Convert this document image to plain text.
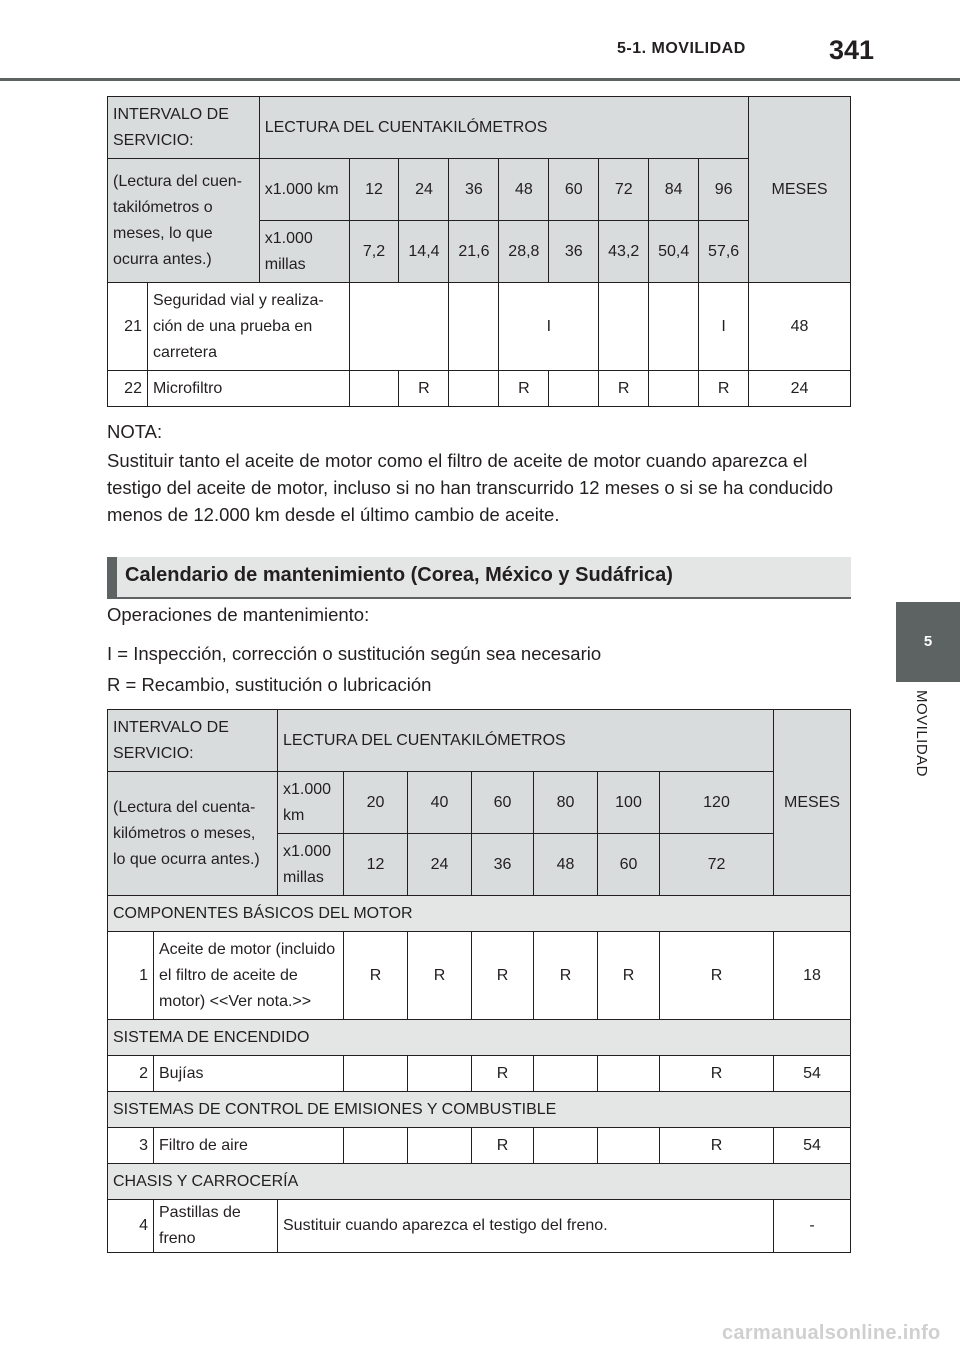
5-1. MOVILIDAD	341
5
MOVILIDAD
INTERVALO DE SERVICIO:		LECTURA DEL CUENTAKILÓMETROS									MESES
(Lectura del cuen-takilómetros o meses, lo que ocurra antes.)		x1.000 km	12	24	36	48	60	72	84	96	
		x1.000 millas	7,2	14,4	21,6	28,8	36	43,2	50,4	57,6	
21	Seguridad vial y realiza-ción de una prueba en carretera					I				I	48
22	Microfiltro			R		R		R		R	24
NOTA:
Sustituir tanto el aceite de motor como el filtro de aceite de motor cuando aparezca el testigo del aceite de motor, incluso si no han transcurrido 12 meses o si se ha conducido menos de 12.000 km desde el último cambio de aceite.
Calendario de mantenimiento (Corea, México y Sudáfrica)
Operaciones de mantenimiento:
I = Inspección, corrección o sustitución según sea necesario
R = Recambio, sustitución o lubricación
INTERVALO DE SERVICIO:		LECTURA DEL CUENTAKILÓMETROS							MESES
(Lectura del cuenta-kilómetros o meses, lo que ocurra antes.)		x1.000 km	20	40	60	80	100	120	
		x1.000 millas	12	24	36	48	60	72	
COMPONENTES BÁSICOS DEL MOTOR									
1	Aceite de motor (incluido el filtro de aceite de motor) <<Ver nota.>>		R	R	R	R	R	R	18
SISTEMA DE ENCENDIDO									
2	Bujías				R			R	54
SISTEMAS DE CONTROL DE EMISIONES Y COMBUSTIBLE									
3	Filtro de aire				R			R	54
CHASIS Y CARROCERÍA									
4	Pastillas de freno	Sustituir cuando aparezca el testigo del freno.							-
carmanualsonline.info
